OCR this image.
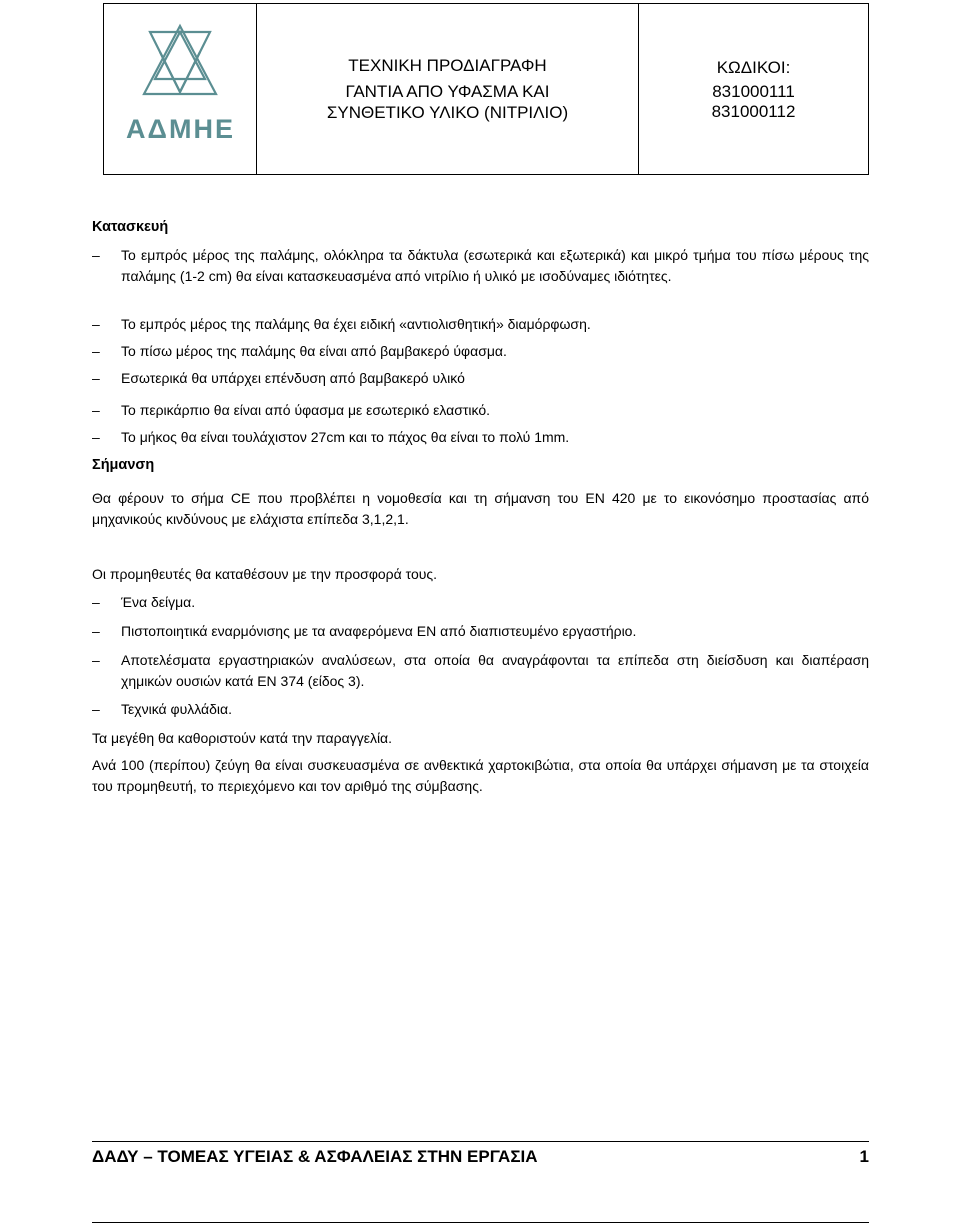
ΑΔΜΗΕ
ΤΕΧΝΙΚΗ ΠΡΟΔΙΑΓΡΑΦΗ
ΓΑΝΤΙΑ ΑΠΟ ΥΦΑΣΜΑ ΚΑΙ ΣΥΝΘΕΤΙΚΟ ΥΛΙΚΟ (ΝΙΤΡΙΛΙΟ)
ΚΩΔΙΚΟΙ:
831000111
831000112
Κατασκευή
– Το εμπρός μέρος της παλάμης, ολόκληρα τα δάκτυλα (εσωτερικά και εξωτερικά) και μικρό τμήμα του πίσω μέρους της παλάμης (1-2 cm) θα είναι κατασκευασμένα από νιτρίλιο ή υλικό με ισοδύναμες ιδιότητες.
– Το εμπρός μέρος της παλάμης θα έχει ειδική «αντιολισθητική» διαμόρφωση.
– Το πίσω μέρος της παλάμης θα είναι από βαμβακερό ύφασμα.
– Εσωτερικά θα υπάρχει επένδυση από βαμβακερό υλικό
– Το περικάρπιο θα είναι από ύφασμα με εσωτερικό ελαστικό.
– Το μήκος θα είναι τουλάχιστον 27cm και το πάχος θα είναι το πολύ 1mm.
Σήμανση
Θα φέρουν το σήμα CE που προβλέπει η νομοθεσία και τη σήμανση του EN 420 με το εικονόσημο προστασίας από μηχανικούς κινδύνους με ελάχιστα επίπεδα 3,1,2,1.
Οι προμηθευτές θα καταθέσουν με την προσφορά τους.
– Ένα δείγμα.
– Πιστοποιητικά εναρμόνισης με τα αναφερόμενα EN από διαπιστευμένο εργαστήριο.
– Αποτελέσματα εργαστηριακών αναλύσεων, στα οποία θα αναγράφονται τα επίπεδα στη διείσδυση και διαπέραση χημικών ουσιών κατά EN 374 (είδος 3).
– Τεχνικά φυλλάδια.
Τα μεγέθη θα καθοριστούν κατά την παραγγελία.
Ανά 100 (περίπου) ζεύγη θα είναι συσκευασμένα σε ανθεκτικά χαρτοκιβώτια, στα οποία θα υπάρχει σήμανση με τα στοιχεία του προμηθευτή, το περιεχόμενο και τον αριθμό της σύμβασης.
ΔΑΔΥ – ΤΟΜΕΑΣ ΥΓΕΙΑΣ & ΑΣΦΑΛΕΙΑΣ ΣΤΗΝ ΕΡΓΑΣΙΑ	1
